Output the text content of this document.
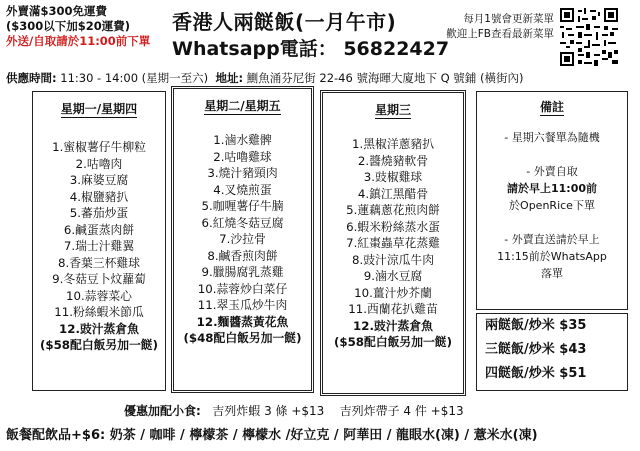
外賣滿$300免運費
($300以下加$20運費)
外送/自取請於11:00前下單
香港人兩餸飯(一月午市)
Whatsapp電話： 56822427
每月1號會更新菜單
歡迎上FB查看最新菜單
供應時間: 11:30 - 14:00 (星期一至六) 地址: 鰂魚涌芬尼街 22-46 號海暉大廈地下 Q 號鋪 (橫街內)
星期一/星期四
1.蜜椒薯仔牛柳粒
2.咕嚕肉
3.麻婆豆腐
4.椒鹽豬扒
5.蕃茄炒蛋
6.鹹蛋蒸肉餅
7.瑞士汁雞翼
8.香葉三杯雞球
9.冬菇豆卜炆蘿蔔
10.蒜蓉菜心
11.粉絲蝦米節瓜
12.豉汁蒸倉魚
($58配白飯另加一餸)
星期二/星期五
1.滷水雞髀
2.咕嚕雞球
3.燒汁豬頸肉
4.叉燒煎蛋
5.咖喱薯仔牛腩
6.紅燒冬菇豆腐
7.沙拉骨
8.鹹香煎肉餅
9.臘腸腐乳蒸雞
10.蒜蓉炒白菜仔
11.翠玉瓜炒牛肉
12.麵醬蒸黃花魚
($48配白飯另加一餸)
星期三
1.黑椒洋蔥豬扒
2.醬燒豬軟骨
3.豉椒雞球
4.鎮江黑醋骨
5.蓮藕蔥花煎肉餅
6.蝦米粉絲蒸水蛋
7.紅棗蟲草花蒸雞
8.豉汁涼瓜牛肉
9.滷水豆腐
10.薑汁炒芥蘭
11.西蘭花扒雞苗
12.豉汁蒸倉魚
($58配白飯另加一餸)
備註

- 星期六餐單為隨機

- 外賣自取

請於早上11:00前

於OpenRice下單

- 外賣直送請於早上

11:15前於WhatsApp

落單

兩餸飯/炒米 $35
三餸飯/炒米 $43
四餸飯/炒米 $51
優惠加配小食: 吉列炸蝦 3 條 +$13 吉列炸帶子 4 件 +$13
飯餐配飲品+$6: 奶茶 / 咖啡 / 檸檬茶 / 檸檬水 /好立克 / 阿華田 / 龍眼水(凍) / 薏米水(凍)
